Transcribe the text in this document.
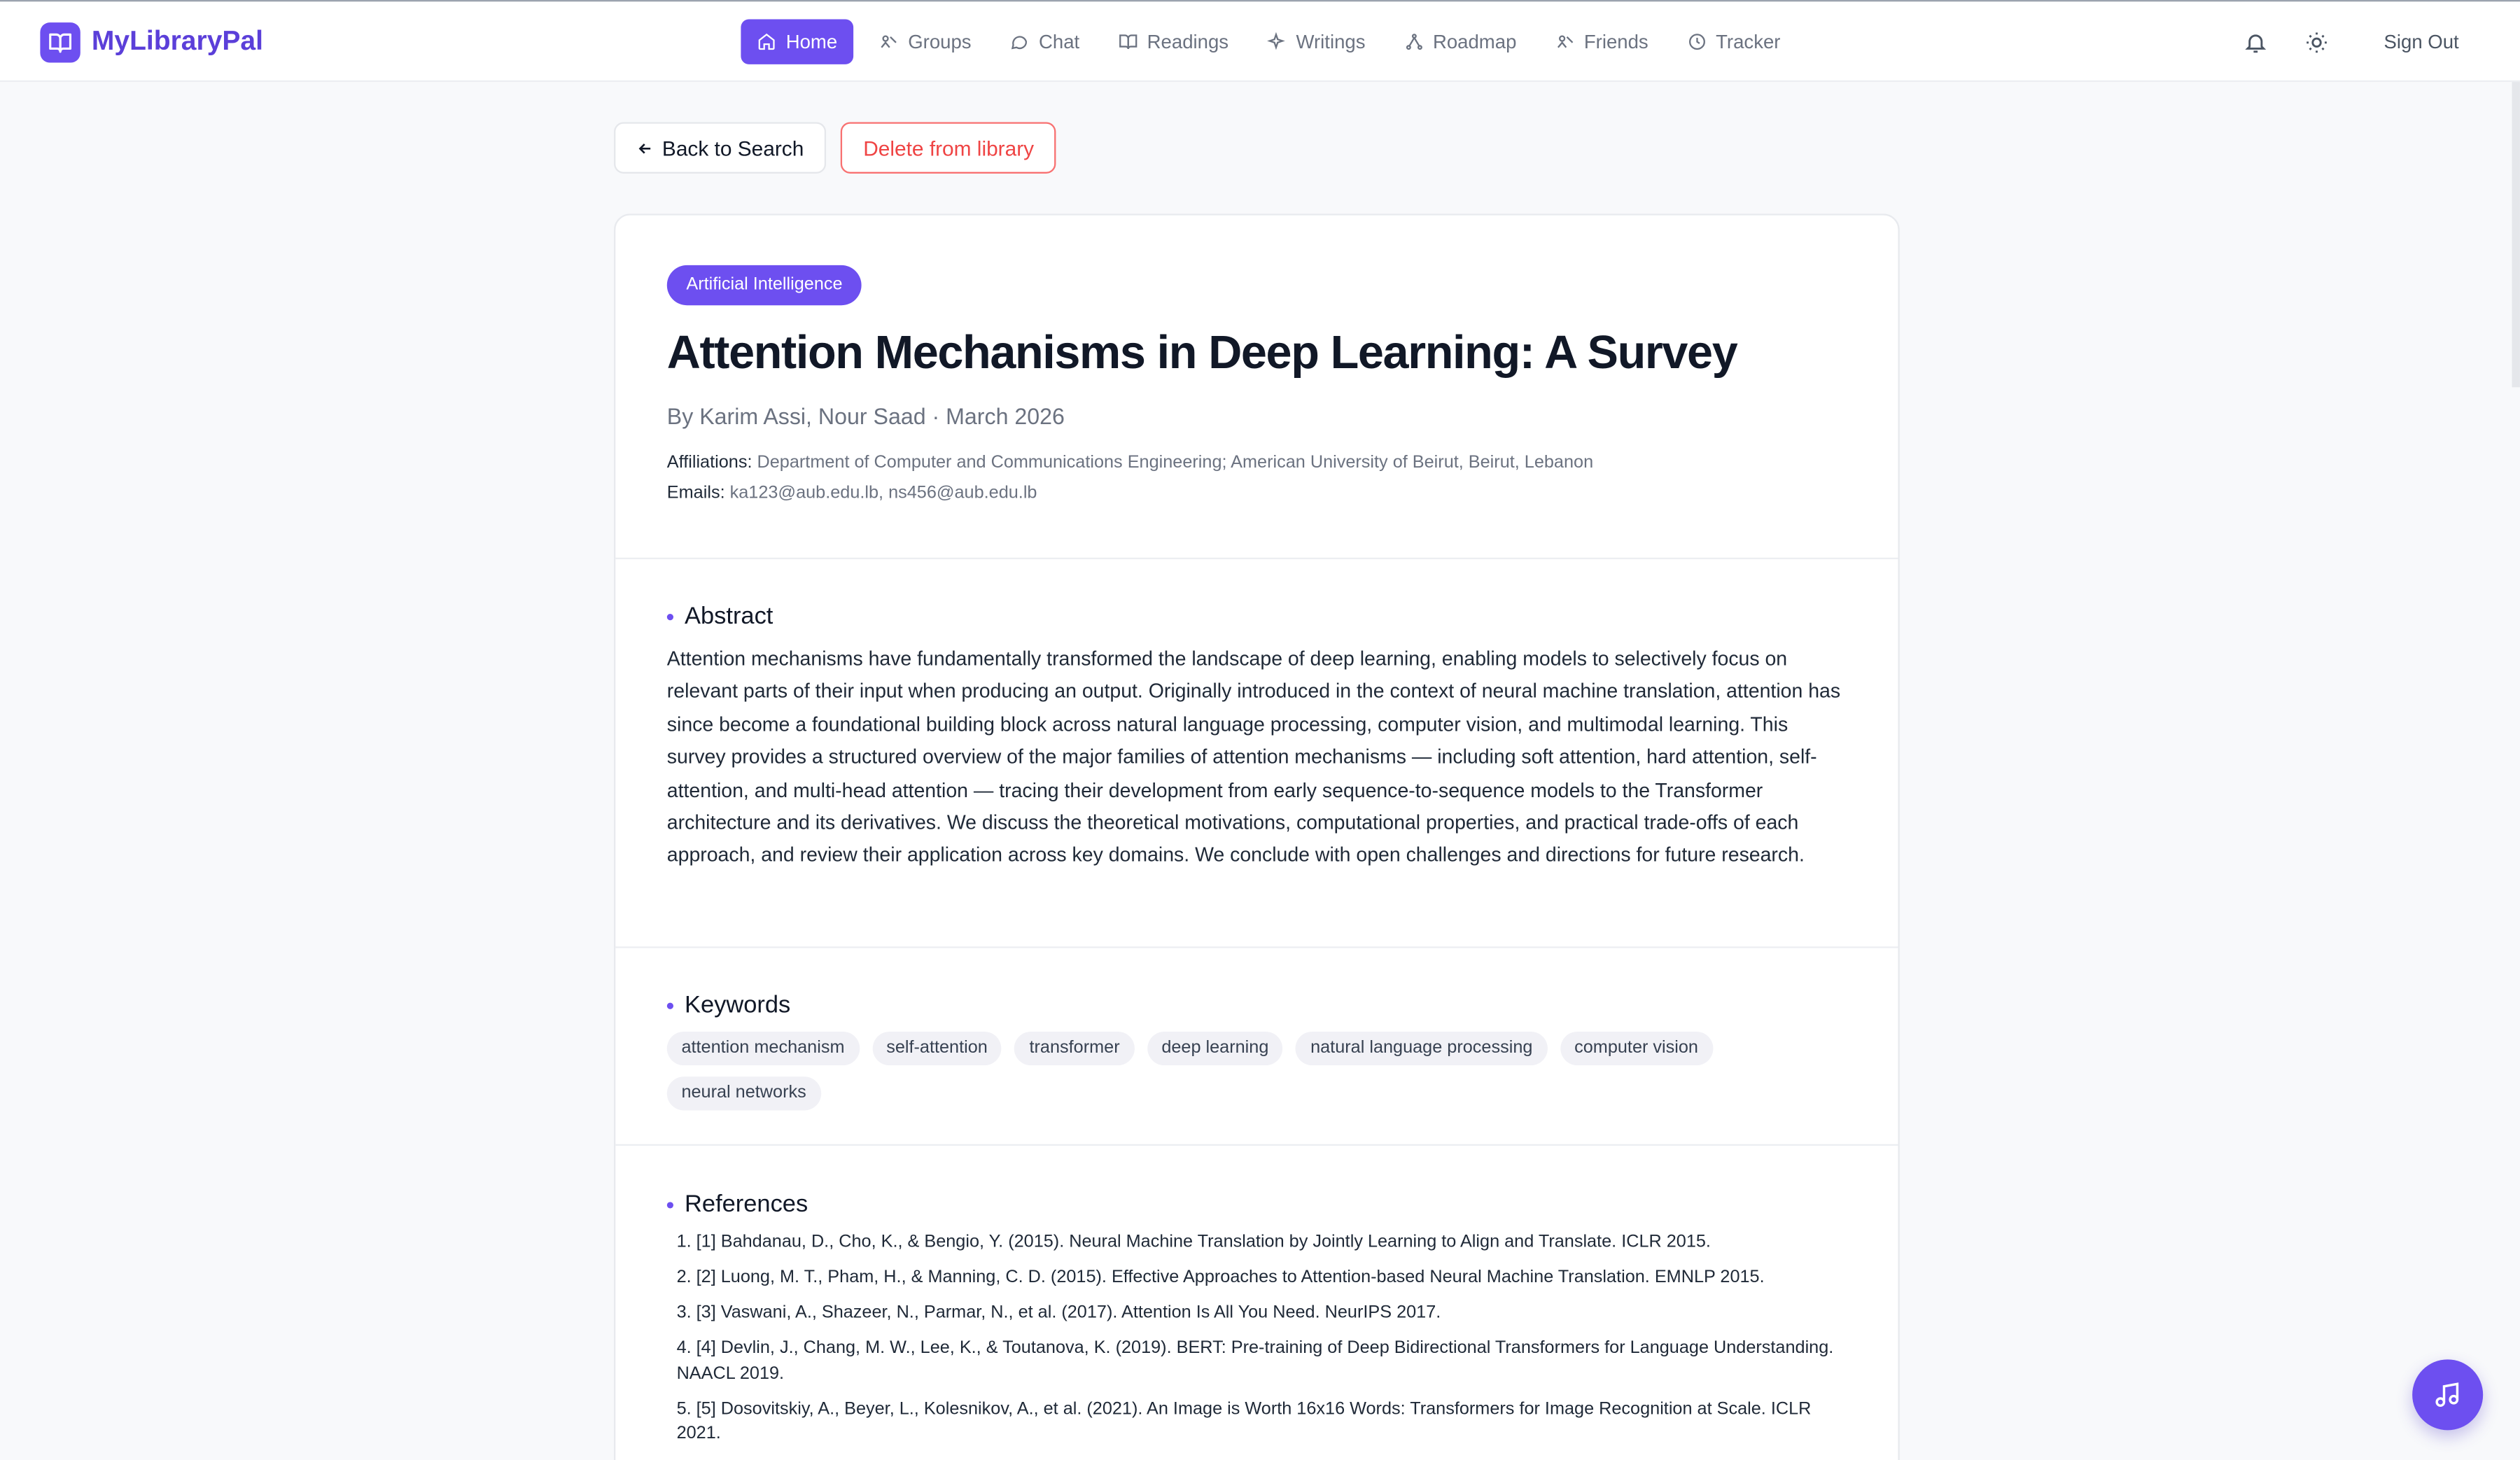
MyLibraryPal	Home	Groups	Chat	Readings	Writings	Roadmap	Friends	Tracker	Sign Out
Back to Search	Delete from library
Artificial Intelligence
Attention Mechanisms in Deep Learning: A Survey
By Karim Assi, Nour Saad · March 2026
Affiliations: Department of Computer and Communications Engineering; American University of Beirut, Beirut, Lebanon
Emails: ka123@aub.edu.lb, ns456@aub.edu.lb
Abstract

Attention mechanisms have fundamentally transformed the landscape of deep learning, enabling models to selectively focus on relevant parts of their input when producing an output. Originally introduced in the context of neural machine translation, attention has since become a foundational building block across natural language processing, computer vision, and multimodal learning. This survey provides a structured overview of the major families of attention mechanisms — including soft attention, hard attention, self-attention, and multi-head attention — tracing their development from early sequence-to-sequence models to the Transformer architecture and its derivatives. We discuss the theoretical motivations, computational properties, and practical trade-offs of each approach, and review their application across key domains. We conclude with open challenges and directions for future research.

Keywords
attention mechanism	self-attention	transformer	deep learning	natural language processing	computer vision
neural networks
References
1. [1] Bahdanau, D., Cho, K., & Bengio, Y. (2015). Neural Machine Translation by Jointly Learning to Align and Translate. ICLR 2015.
2. [2] Luong, M. T., Pham, H., & Manning, C. D. (2015). Effective Approaches to Attention-based Neural Machine Translation. EMNLP 2015.
3. [3] Vaswani, A., Shazeer, N., Parmar, N., et al. (2017). Attention Is All You Need. NeurIPS 2017.
4. [4] Devlin, J., Chang, M. W., Lee, K., & Toutanova, K. (2019). BERT: Pre-training of Deep Bidirectional Transformers for Language Understanding. NAACL 2019.
5. [5] Dosovitskiy, A., Beyer, L., Kolesnikov, A., et al. (2021). An Image is Worth 16x16 Words: Transformers for Image Recognition at Scale. ICLR 2021.
